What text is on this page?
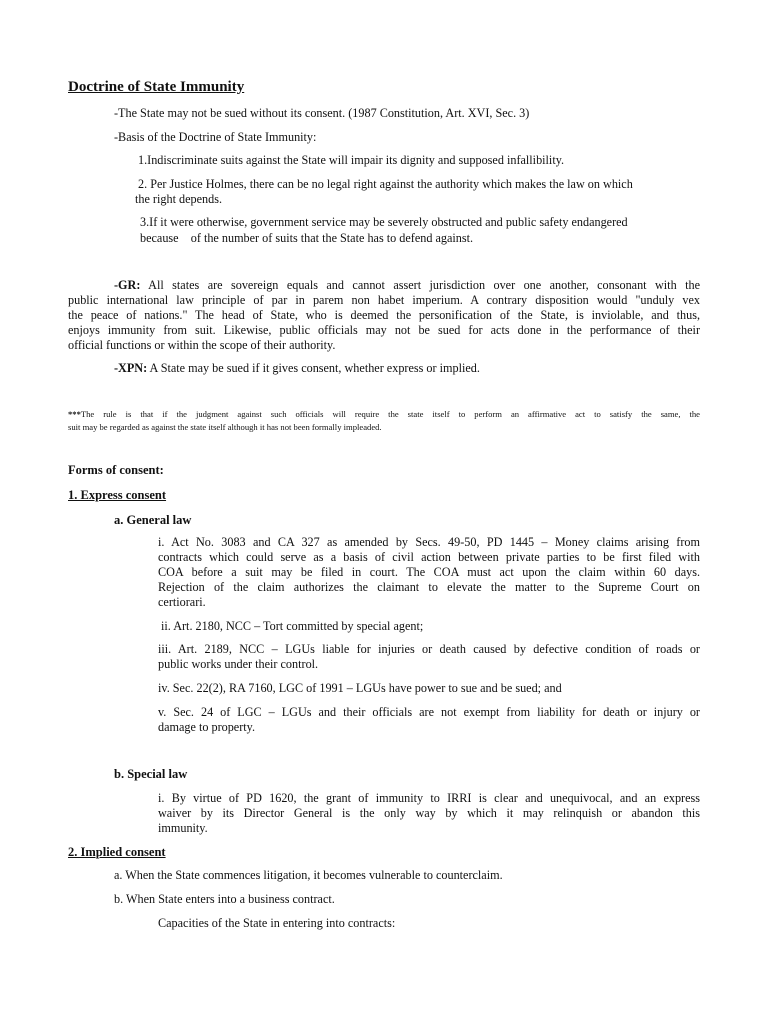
Doctrine of State Immunity
-The State may not be sued without its consent. (1987 Constitution, Art. XVI, Sec. 3)
-Basis of the Doctrine of State Immunity:
1.Indiscriminate suits against the State will impair its dignity and supposed infallibility.
2. Per Justice Holmes, there can be no legal right against the authority which makes the law on which
the right depends.
3.If it were otherwise, government service may be severely obstructed and public safety endangered
because    of the number of suits that the State has to defend against.
-GR: All states are sovereign equals and cannot assert jurisdiction over one another, consonant with the
public international law principle of par in parem non habet imperium. A contrary disposition would "unduly vex
the peace of nations." The head of State, who is deemed the personification of the State, is inviolable, and thus,
enjoys immunity from suit. Likewise, public officials may not be sued for acts done in the performance of their
official functions or within the scope of their authority.
-XPN: A State may be sued if it gives consent, whether express or implied.
***The rule is that if the judgment against such officials will require the state itself to perform an affirmative act to satisfy the same, the
suit may be regarded as against the state itself although it has not been formally impleaded.
Forms of consent:
1. Express consent
a. General law
i. Act No. 3083 and CA 327 as amended by Secs. 49-50, PD 1445 – Money claims arising from
contracts which could serve as a basis of civil action between private parties to be first filed with
COA before a suit may be filed in court. The COA must act upon the claim within 60 days.
Rejection of the claim authorizes the claimant to elevate the matter to the Supreme Court on
certiorari.
ii. Art. 2180, NCC – Tort committed by special agent;
iii. Art. 2189, NCC – LGUs liable for injuries or death caused by defective condition of roads or
public works under their control.
iv. Sec. 22(2), RA 7160, LGC of 1991 – LGUs have power to sue and be sued; and
v. Sec. 24 of LGC – LGUs and their officials are not exempt from liability for death or injury or
damage to property.
b. Special law
i. By virtue of PD 1620, the grant of immunity to IRRI is clear and unequivocal, and an express
waiver by its Director General is the only way by which it may relinquish or abandon this
immunity.
2. Implied consent
a. When the State commences litigation, it becomes vulnerable to counterclaim.
b. When State enters into a business contract.
Capacities of the State in entering into contracts:
